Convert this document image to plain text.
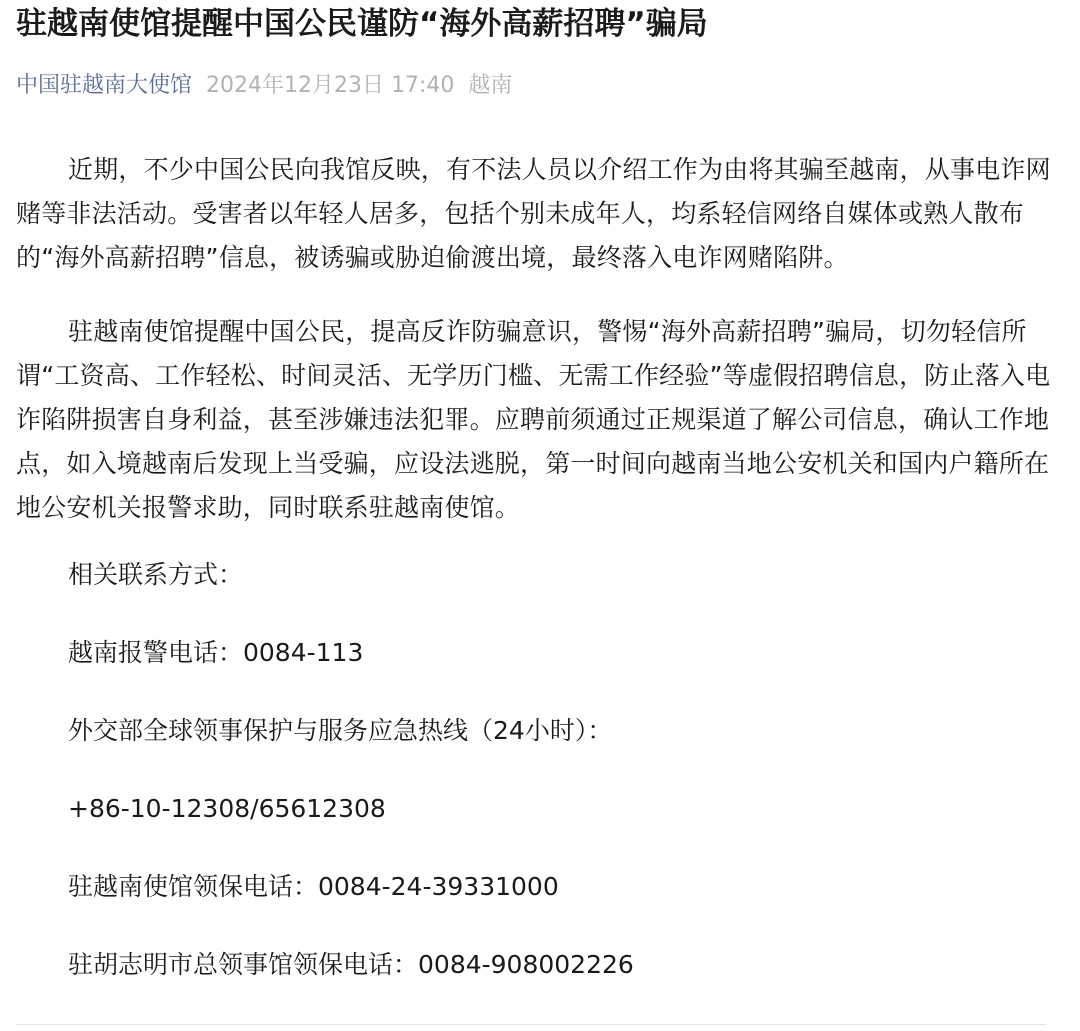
驻越南使馆提醒中国公民谨防“海外高薪招聘”骗局
中国驻越南大使馆 2024年12月23日 17:40 越南

近期，不少中国公民向我馆反映，有不法人员以介绍工作为由将其骗至越南，从事电诈网赌等非法活动。受害者以年轻人居多，包括个别未成年人，均系轻信网络自媒体或熟人散布的“海外高薪招聘”信息，被诱骗或胁迫偷渡出境，最终落入电诈网赌陷阱。

驻越南使馆提醒中国公民，提高反诈防骗意识，警惕“海外高薪招聘”骗局，切勿轻信所谓“工资高、工作轻松、时间灵活、无学历门槛、无需工作经验”等虚假招聘信息，防止落入电诈陷阱损害自身利益，甚至涉嫌违法犯罪。应聘前须通过正规渠道了解公司信息，确认工作地点，如入境越南后发现上当受骗，应设法逃脱，第一时间向越南当地公安机关和国内户籍所在地公安机关报警求助，同时联系驻越南使馆。

相关联系方式：

越南报警电话：0084-113

外交部全球领事保护与服务应急热线（24小时）：

+86-10-12308/65612308

驻越南使馆领保电话：0084-24-39331000

驻胡志明市总领事馆领保电话：0084-908002226
